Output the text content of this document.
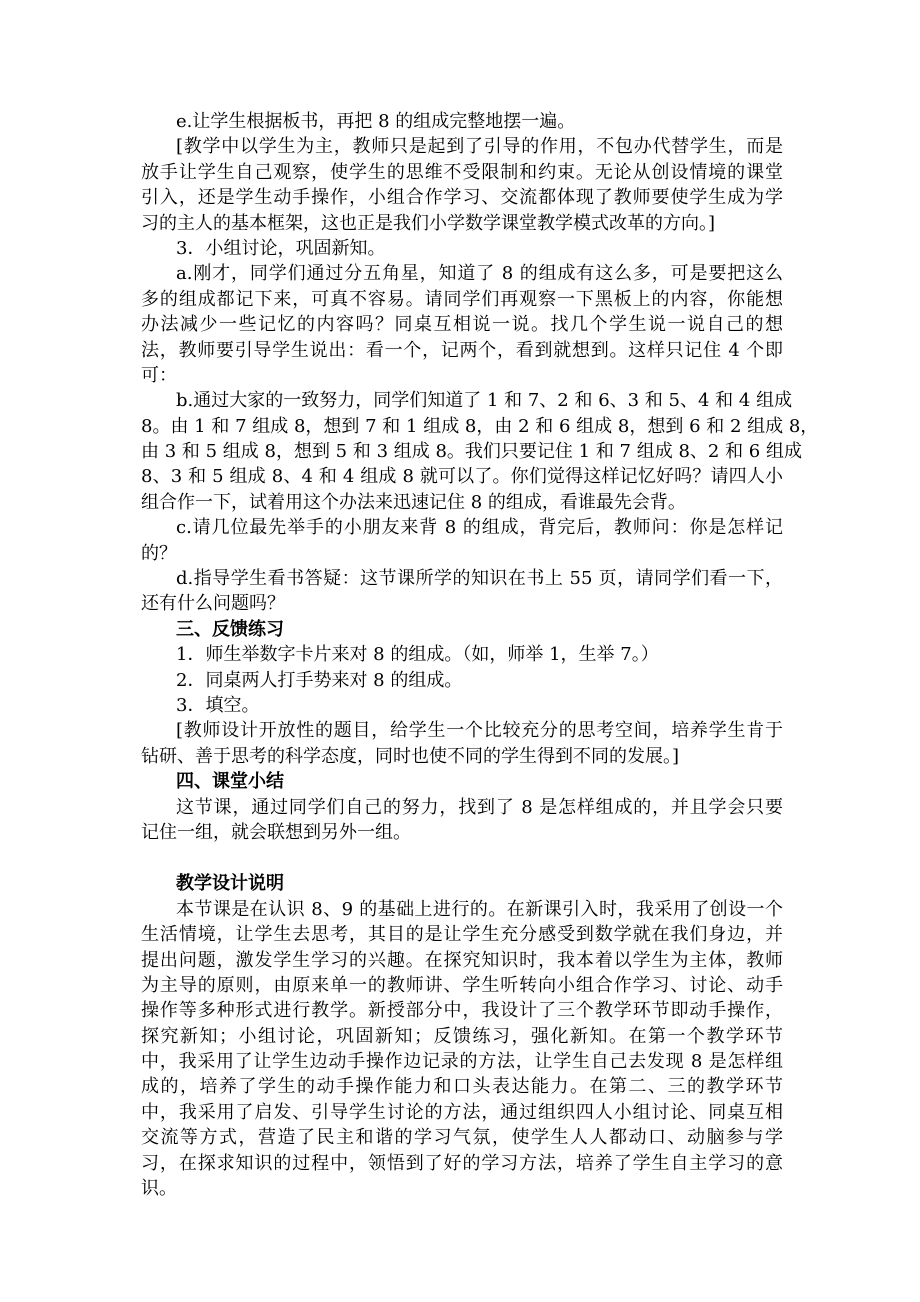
e.让学生根据板书，再把 8 的组成完整地摆一遍。
[教学中以学生为主，教师只是起到了引导的作用，不包办代替学生，而是
放手让学生自己观察，使学生的思维不受限制和约束。无论从创设情境的课堂
引入，还是学生动手操作，小组合作学习、交流都体现了教师要使学生成为学
习的主人的基本框架，这也正是我们小学数学课堂教学模式改革的方向。]
3．小组讨论，巩固新知。
a.刚才，同学们通过分五角星，知道了 8 的组成有这么多，可是要把这么
多的组成都记下来，可真不容易。请同学们再观察一下黑板上的内容，你能想
办法减少一些记忆的内容吗？同桌互相说一说。找几个学生说一说自己的想
法，教师要引导学生说出：看一个，记两个，看到就想到。这样只记住 4 个即
可：
b.通过大家的一致努力，同学们知道了 1 和 7、2 和 6、3 和 5、4 和 4 组成
8。由 1 和 7 组成 8，想到 7 和 1 组成 8，由 2 和 6 组成 8，想到 6 和 2 组成 8，
由 3 和 5 组成 8，想到 5 和 3 组成 8。我们只要记住 1 和 7 组成 8、2 和 6 组成
8、3 和 5 组成 8、4 和 4 组成 8 就可以了。你们觉得这样记忆好吗？请四人小
组合作一下，试着用这个办法来迅速记住 8 的组成，看谁最先会背。
c.请几位最先举手的小朋友来背 8 的组成，背完后，教师问：你是怎样记
的？
d.指导学生看书答疑：这节课所学的知识在书上 55 页，请同学们看一下，
还有什么问题吗？
三、反馈练习
1．师生举数字卡片来对 8 的组成。（如，师举 1，生举 7。）
2．同桌两人打手势来对 8 的组成。
3．填空。
[教师设计开放性的题目，给学生一个比较充分的思考空间，培养学生肯于
钻研、善于思考的科学态度，同时也使不同的学生得到不同的发展。]
四、课堂小结
这节课，通过同学们自己的努力，找到了 8 是怎样组成的，并且学会只要
记住一组，就会联想到另外一组。
教学设计说明
本节课是在认识 8、9 的基础上进行的。在新课引入时，我采用了创设一个
生活情境，让学生去思考，其目的是让学生充分感受到数学就在我们身边，并
提出问题，激发学生学习的兴趣。在探究知识时，我本着以学生为主体，教师
为主导的原则，由原来单一的教师讲、学生听转向小组合作学习、讨论、动手
操作等多种形式进行教学。新授部分中，我设计了三个教学环节即动手操作，
探究新知；小组讨论，巩固新知；反馈练习，强化新知。在第一个教学环节
中，我采用了让学生边动手操作边记录的方法，让学生自己去发现 8 是怎样组
成的，培养了学生的动手操作能力和口头表达能力。在第二、三的教学环节
中，我采用了启发、引导学生讨论的方法，通过组织四人小组讨论、同桌互相
交流等方式，营造了民主和谐的学习气氛，使学生人人都动口、动脑参与学
习，在探求知识的过程中，领悟到了好的学习方法，培养了学生自主学习的意
识。
